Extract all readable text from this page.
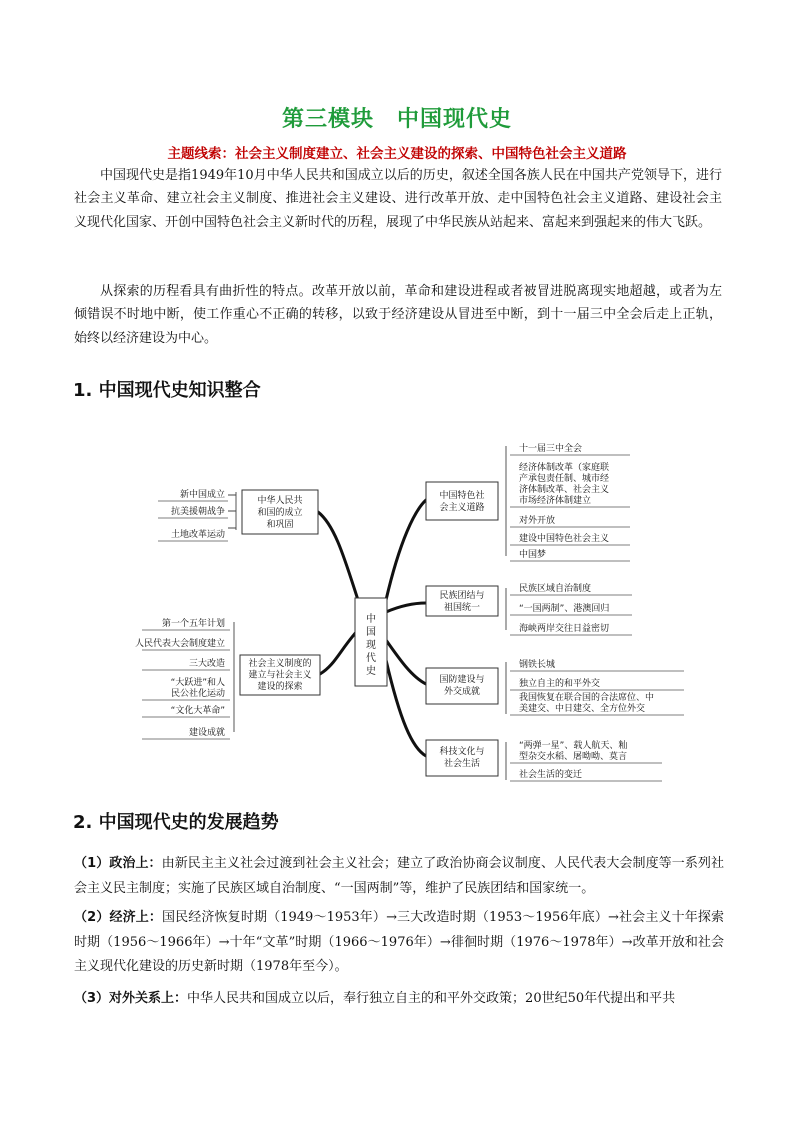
第三模块　中国现代史
主题线索：社会主义制度建立、社会主义建设的探索、中国特色社会主义道路

中国现代史是指1949年10月中华人民共和国成立以后的历史，叙述全国各族人民在中国共产党领导下，进行社会主义革命、建立社会主义制度、推进社会主义建设、进行改革开放、走中国特色社会主义道路、建设社会主义现代化国家、开创中国特色社会主义新时代的历程，展现了中华民族从站起来、富起来到强起来的伟大飞跃。

从探索的历程看具有曲折性的特点。改革开放以前，革命和建设进程或者被冒进脱离现实地超越，或者为左倾错误不时地中断，使工作重心不正确的转移，以致于经济建设从冒进至中断，到十一届三中全会后走上正轨，始终以经济建设为中心。

1. 中国现代史知识整合
中
国
现
代
史
中华人民共
和国的成立
和巩固
新中国成立
抗美援朝战争
土地改革运动
社会主义制度的
建立与社会主义
建设的探索
第一个五年计划
人民代表大会制度建立
三大改造
“大跃进”和人
民公社化运动
“文化大革命”
建设成就
中国特色社
会主义道路
十一届三中全会
经济体制改革（家庭联
产承包责任制、城市经
济体制改革、社会主义
市场经济体制建立
对外开放
建设中国特色社会主义
中国梦
民族团结与
祖国统一
民族区域自治制度
“一国两制”、港澳回归
海峡两岸交往日益密切
国防建设与
外交成就
钢铁长城
独立自主的和平外交
我国恢复在联合国的合法席位、中
美建交、中日建交、全方位外交
科技文化与
社会生活
“两弹一星”、载人航天、籼
型杂交水稻、屠呦呦、莫言
社会生活的变迁
2. 中国现代史的发展趋势
（1）政治上：由新民主主义社会过渡到社会主义社会；建立了政治协商会议制度、人民代表大会制度等一系列社会主义民主制度；实施了民族区域自治制度、“一国两制”等，维护了民族团结和国家统一。
（2）经济上：国民经济恢复时期（1949～1953年）→三大改造时期（1953～1956年底）→社会主义十年探索时期（1956～1966年）→十年“文革”时期（1966～1976年）→徘徊时期（1976～1978年）→改革开放和社会主义现代化建设的历史新时期（1978年至今）。
（3）对外关系上：中华人民共和国成立以后，奉行独立自主的和平外交政策；20世纪50年代提出和平共
